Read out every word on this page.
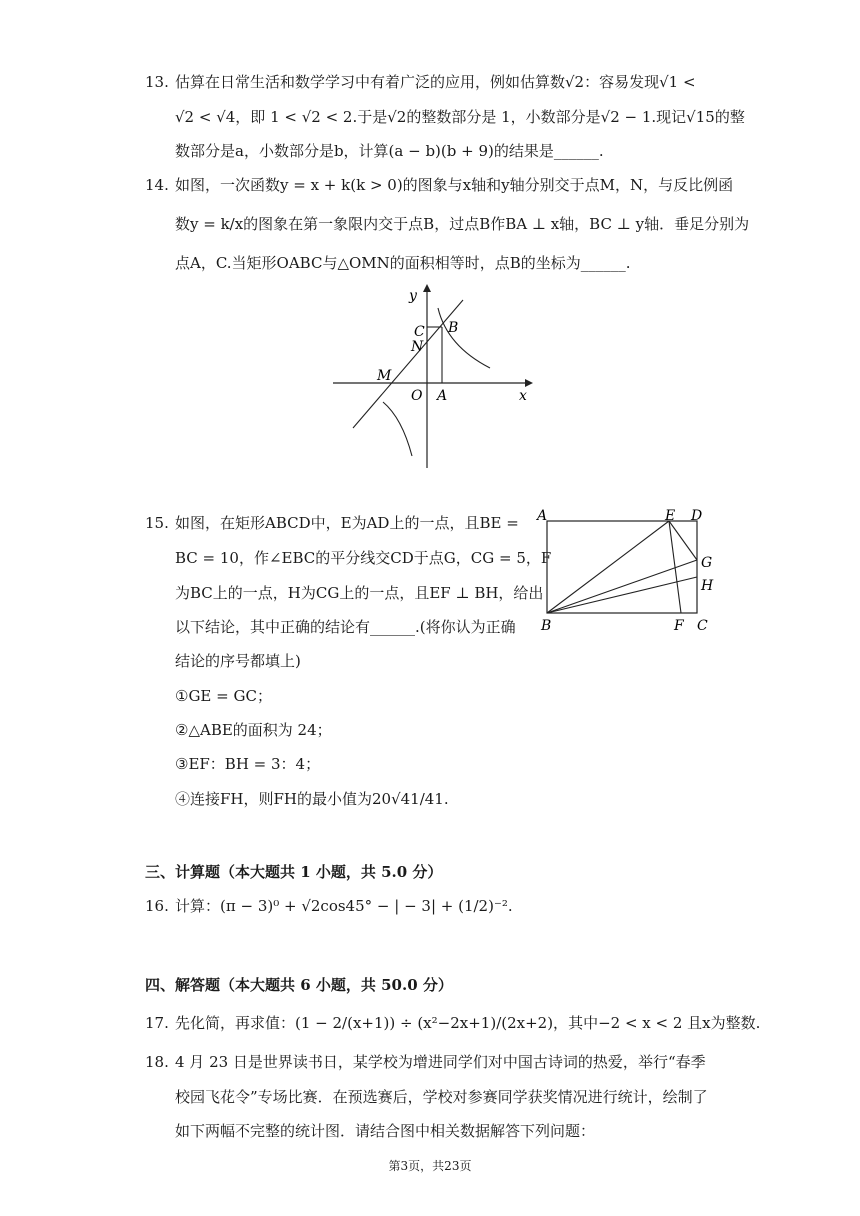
13. 估算在日常生活和数学学习中有着广泛的应用，例如估算数√2：容易发现√1 <
√2 < √4，即 1 < √2 < 2.于是√2的整数部分是 1，小数部分是√2 − 1.现记√15的整
数部分是a，小数部分是b，计算(a − b)(b + 9)的结果是______.
14. 如图，一次函数y = x + k(k > 0)的图象与x轴和y轴分别交于点M，N，与反比例函
数y = k/x的图象在第一象限内交于点B，过点B作BA ⊥ x轴，BC ⊥ y轴．垂足分别为
点A，C.当矩形OABC与△OMN的面积相等时，点B的坐标为______.
y
C B
N
M
O A	x
15. 如图，在矩形ABCD中，E为AD上的一点，且BE =
BC = 10，作∠EBC的平分线交CD于点G，CG = 5，F
为BC上的一点，H为CG上的一点，且EF ⊥ BH，给出
以下结论，其中正确的结论有______.(将你认为正确
结论的序号都填上)
①GE = GC；
②△ABE的面积为 24；
③EF：BH = 3：4；
④连接FH，则FH的最小值为20√41/41.
A	E D
G
H
B	F C
三、计算题（本大题共 1 小题，共 5.0 分）
16. 计算：(π − 3)⁰ + √2cos45° − | − 3| + (1/2)⁻².
四、解答题（本大题共 6 小题，共 50.0 分）
17. 先化简，再求值：(1 − 2/(x+1)) ÷ (x²−2x+1)/(2x+2)，其中−2 < x < 2 且x为整数.
18. 4 月 23 日是世界读书日，某学校为增进同学们对中国古诗词的热爱，举行“春季
校园飞花令”专场比赛．在预选赛后，学校对参赛同学获奖情况进行统计，绘制了
如下两幅不完整的统计图．请结合图中相关数据解答下列问题：
第3页，共23页
